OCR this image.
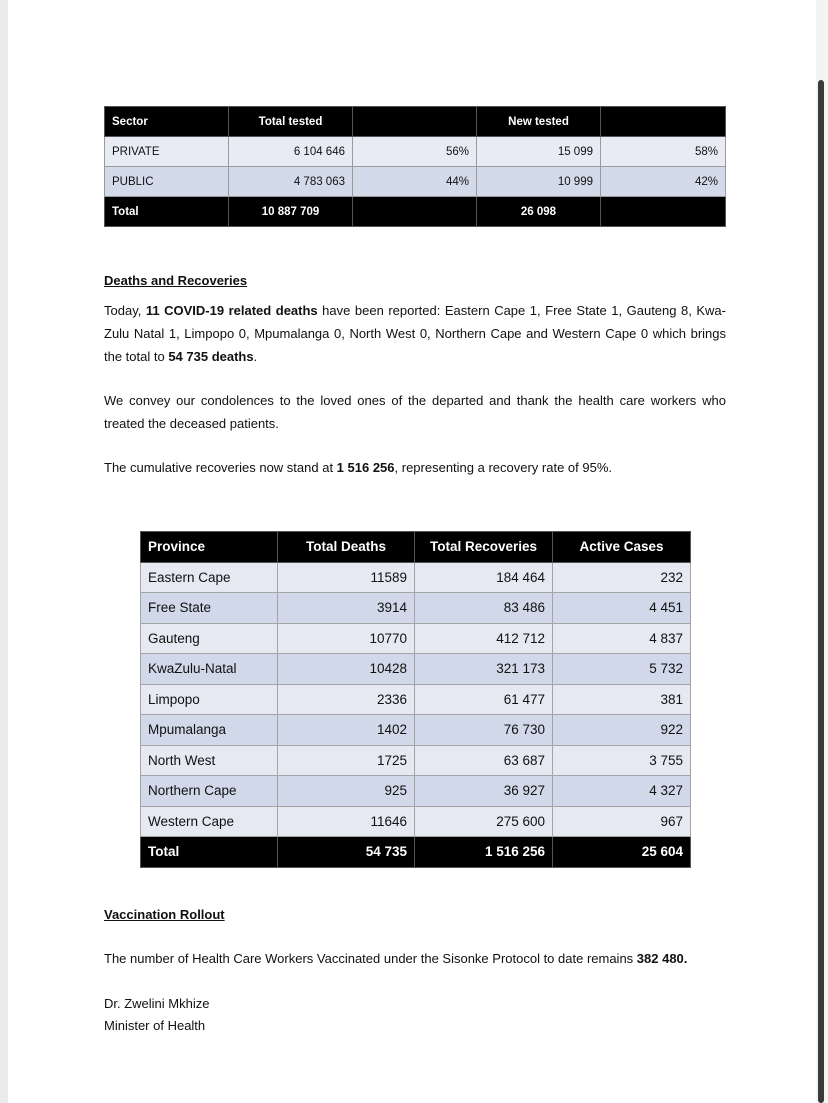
Sector	Total tested		New tested	
PRIVATE	6 104 646	56%	15 099	58%
PUBLIC	4 783 063	44%	10 999	42%
Total	10 887 709		26 098	
Deaths and Recoveries
Today, 11 COVID-19 related deaths have been reported: Eastern Cape 1, Free State 1, Gauteng 8, Kwa-Zulu Natal 1, Limpopo 0, Mpumalanga 0, North West 0, Northern Cape and Western Cape 0 which brings the total to 54 735 deaths.
We convey our condolences to the loved ones of the departed and thank the health care workers who treated the deceased patients.
The cumulative recoveries now stand at 1 516 256, representing a recovery rate of 95%.
Province	Total Deaths	Total Recoveries	Active Cases
Eastern Cape	11589	184 464	232
Free State	3914	83 486	4 451
Gauteng	10770	412 712	4 837
KwaZulu-Natal	10428	321 173	5 732
Limpopo	2336	61 477	381
Mpumalanga	1402	76 730	922
North West	1725	63 687	3 755
Northern Cape	925	36 927	4 327
Western Cape	11646	275 600	967
Total	54 735	1 516 256	25 604
Vaccination Rollout
The number of Health Care Workers Vaccinated under the Sisonke Protocol to date remains 382 480.
Dr. Zwelini Mkhize
Minister of Health
